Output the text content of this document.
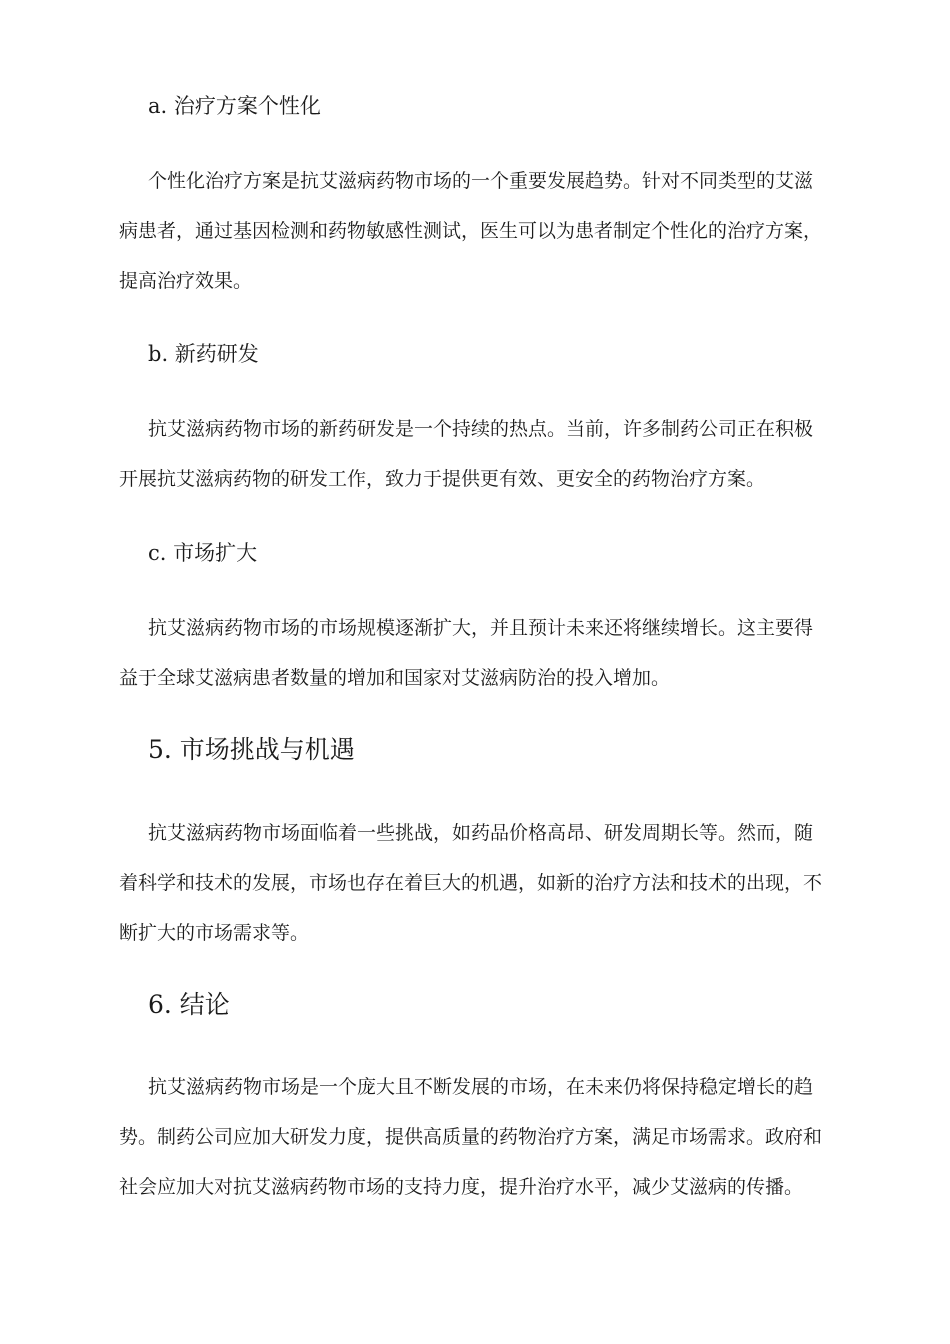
a. 治疗方案个性化
个性化治疗方案是抗艾滋病药物市场的一个重要发展趋势。针对不同类型的艾滋
病患者，通过基因检测和药物敏感性测试，医生可以为患者制定个性化的治疗方案，
提高治疗效果。
b. 新药研发
抗艾滋病药物市场的新药研发是一个持续的热点。当前，许多制药公司正在积极
开展抗艾滋病药物的研发工作，致力于提供更有效、更安全的药物治疗方案。
c. 市场扩大
抗艾滋病药物市场的市场规模逐渐扩大，并且预计未来还将继续增长。这主要得
益于全球艾滋病患者数量的增加和国家对艾滋病防治的投入增加。
5. 市场挑战与机遇
抗艾滋病药物市场面临着一些挑战，如药品价格高昂、研发周期长等。然而，随
着科学和技术的发展，市场也存在着巨大的机遇，如新的治疗方法和技术的出现，不
断扩大的市场需求等。
6. 结论
抗艾滋病药物市场是一个庞大且不断发展的市场，在未来仍将保持稳定增长的趋
势。制药公司应加大研发力度，提供高质量的药物治疗方案，满足市场需求。政府和
社会应加大对抗艾滋病药物市场的支持力度，提升治疗水平，减少艾滋病的传播。
